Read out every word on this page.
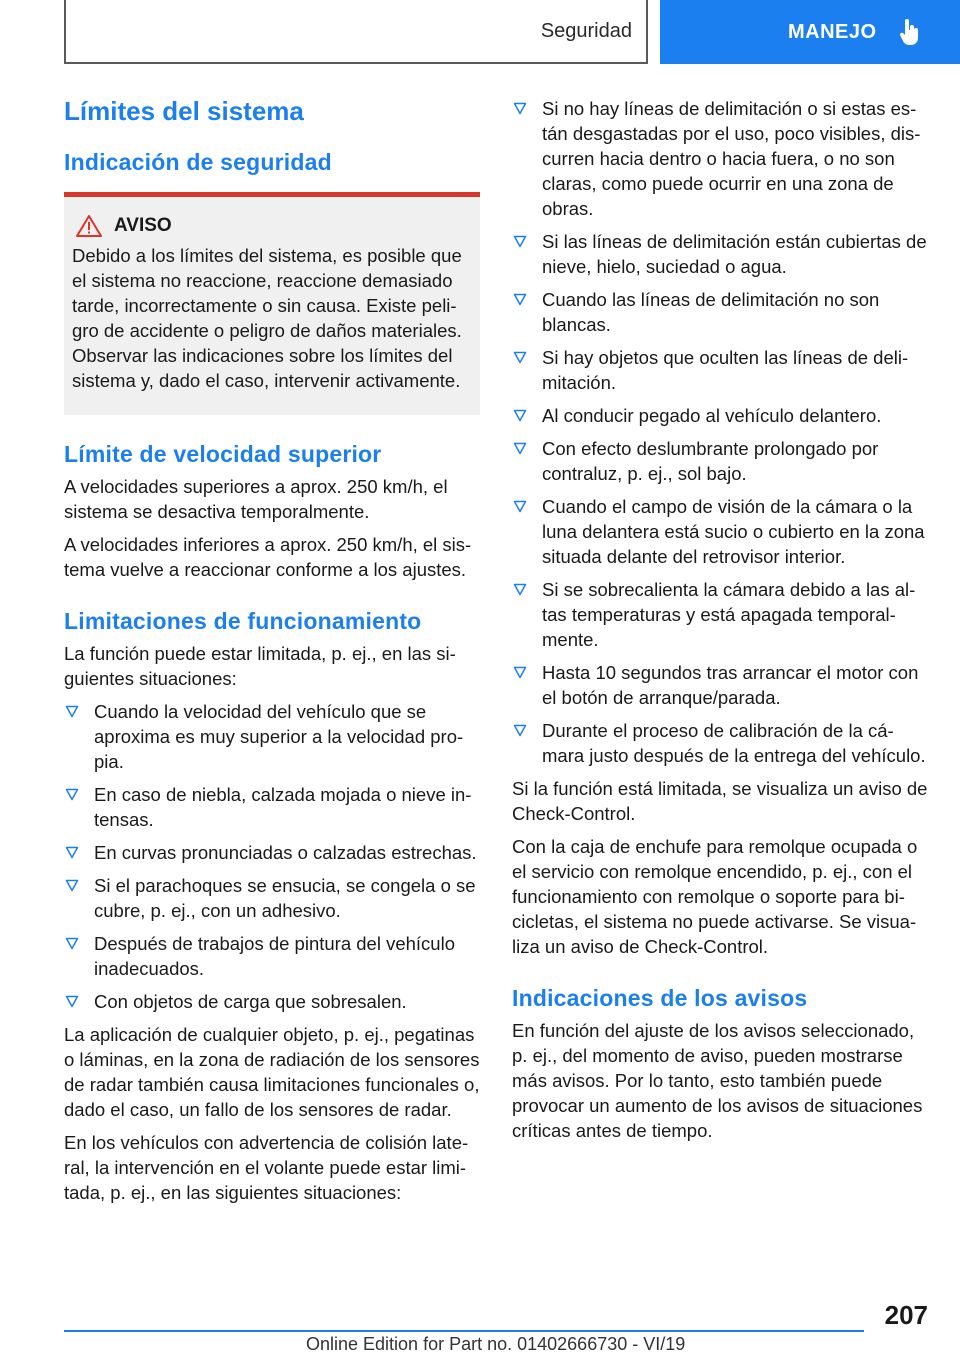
Seguridad	MANEJO
Límites del sistema
Indicación de seguridad
AVISO

Debido a los límites del sistema, es posible que el sistema no reaccione, reaccione demasiado tarde, incorrectamente o sin causa. Existe peligro de accidente o peligro de daños materiales. Observar las indicaciones sobre los límites del sistema y, dado el caso, intervenir activamente.

Límite de velocidad superior

A velocidades superiores a aprox. 250 km/h, el sistema se desactiva temporalmente.

A velocidades inferiores a aprox. 250 km/h, el sistema vuelve a reaccionar conforme a los ajustes.

Limitaciones de funcionamiento

La función puede estar limitada, p. ej., en las siguientes situaciones:

Cuando la velocidad del vehículo que se aproxima es muy superior a la velocidad propia.
En caso de niebla, calzada mojada o nieve intensas.
En curvas pronunciadas o calzadas estrechas.
Si el parachoques se ensucia, se congela o se cubre, p. ej., con un adhesivo.
Después de trabajos de pintura del vehículo inadecuados.
Con objetos de carga que sobresalen.

La aplicación de cualquier objeto, p. ej., pegatinas o láminas, en la zona de radiación de los sensores de radar también causa limitaciones funcionales o, dado el caso, un fallo de los sensores de radar.

En los vehículos con advertencia de colisión lateral, la intervención en el volante puede estar limitada, p. ej., en las siguientes situaciones:

Si no hay líneas de delimitación o si estas están desgastadas por el uso, poco visibles, discurren hacia dentro o hacia fuera, o no son claras, como puede ocurrir en una zona de obras.
Si las líneas de delimitación están cubiertas de nieve, hielo, suciedad o agua.
Cuando las líneas de delimitación no son blancas.
Si hay objetos que oculten las líneas de delimitación.
Al conducir pegado al vehículo delantero.
Con efecto deslumbrante prolongado por contraluz, p. ej., sol bajo.
Cuando el campo de visión de la cámara o la luna delantera está sucio o cubierto en la zona situada delante del retrovisor interior.
Si se sobrecalienta la cámara debido a las altas temperaturas y está apagada temporalmente.
Hasta 10 segundos tras arrancar el motor con el botón de arranque/parada.
Durante el proceso de calibración de la cámara justo después de la entrega del vehículo.

Si la función está limitada, se visualiza un aviso de Check-Control.

Con la caja de enchufe para remolque ocupada o el servicio con remolque encendido, p. ej., con el funcionamiento con remolque o soporte para bicicletas, el sistema no puede activarse. Se visualiza un aviso de Check-Control.

Indicaciones de los avisos

En función del ajuste de los avisos seleccionado, p. ej., del momento de aviso, pueden mostrarse más avisos. Por lo tanto, esto también puede provocar un aumento de los avisos de situaciones críticas antes de tiempo.

207
Online Edition for Part no. 01402666730 - VI/19
